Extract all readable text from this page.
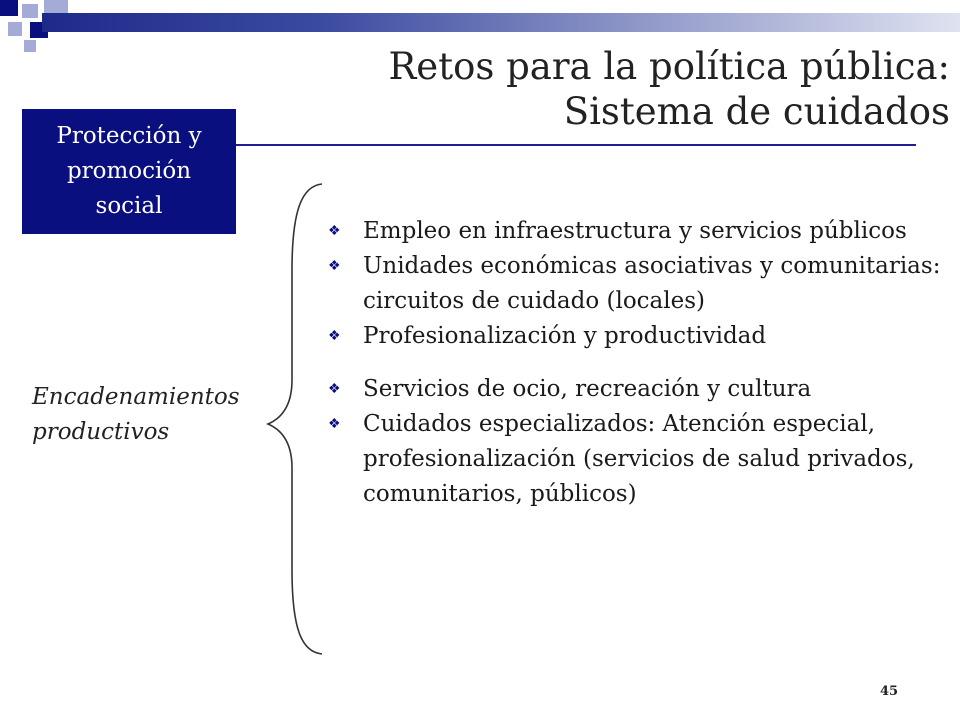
Retos para la política pública:
Sistema de cuidados
Protección y
promoción
social
Encadenamientos
productivos
❖ Empleo en infraestructura y servicios públicos
❖ Unidades económicas asociativas y comunitarias: circuitos de cuidado (locales)
❖ Profesionalización y productividad
❖ Servicios de ocio, recreación y cultura
❖ Cuidados especializados: Atención especial, profesionalización (servicios de salud privados, comunitarios, públicos)
45
